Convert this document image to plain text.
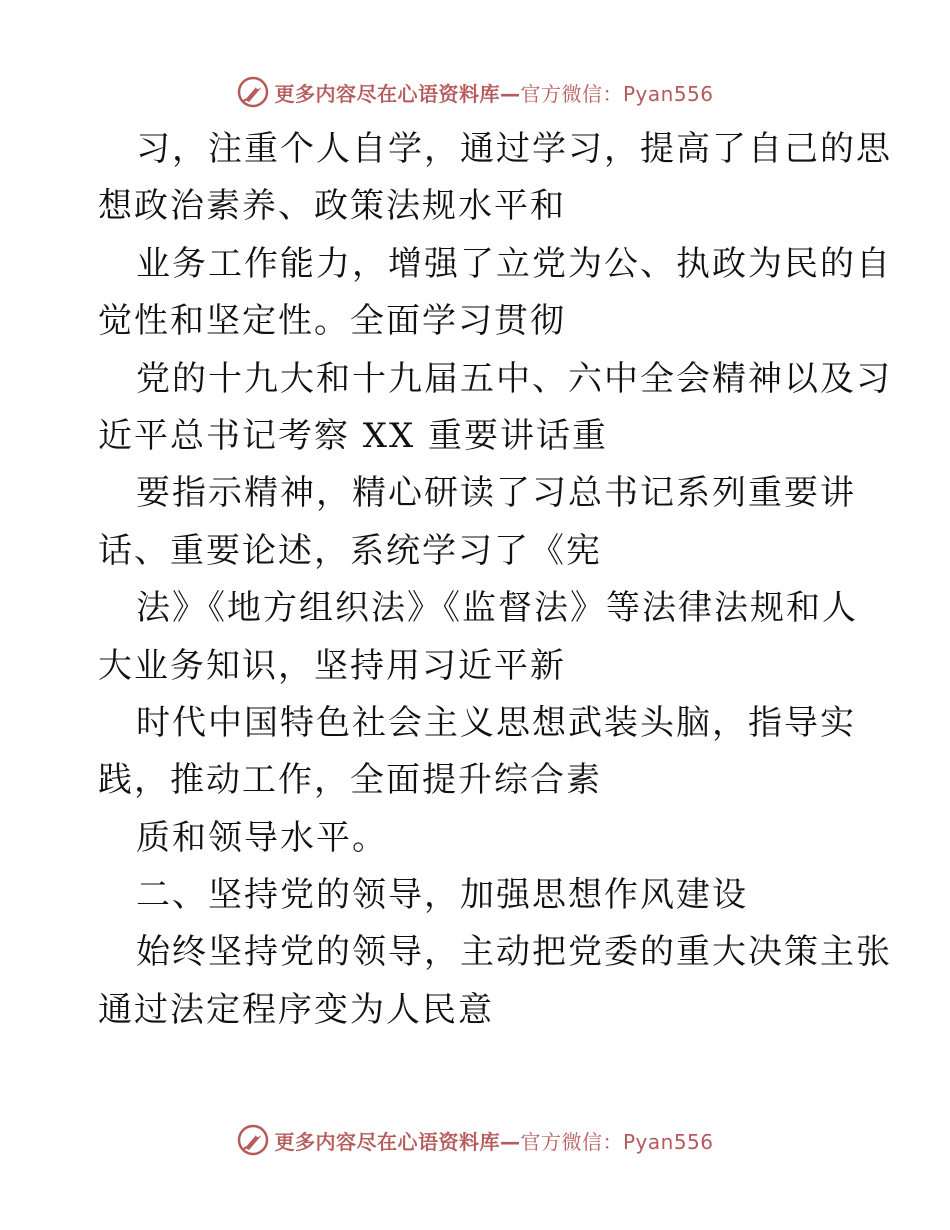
更多内容尽在心语资料库—官方微信：Pyan556
习，注重个人自学，通过学习，提高了自己的思
想政治素养、政策法规水平和
业务工作能力，增强了立党为公、执政为民的自
觉性和坚定性。全面学习贯彻
党的十九大和十九届五中、六中全会精神以及习
近平总书记考察 XX 重要讲话重
要指示精神，精心研读了习总书记系列重要讲
话、重要论述，系统学习了《宪
法》《地方组织法》《监督法》等法律法规和人
大业务知识，坚持用习近平新
时代中国特色社会主义思想武装头脑，指导实
践，推动工作，全面提升综合素
质和领导水平。
二、坚持党的领导，加强思想作风建设
始终坚持党的领导，主动把党委的重大决策主张
通过法定程序变为人民意
更多内容尽在心语资料库—官方微信：Pyan556
